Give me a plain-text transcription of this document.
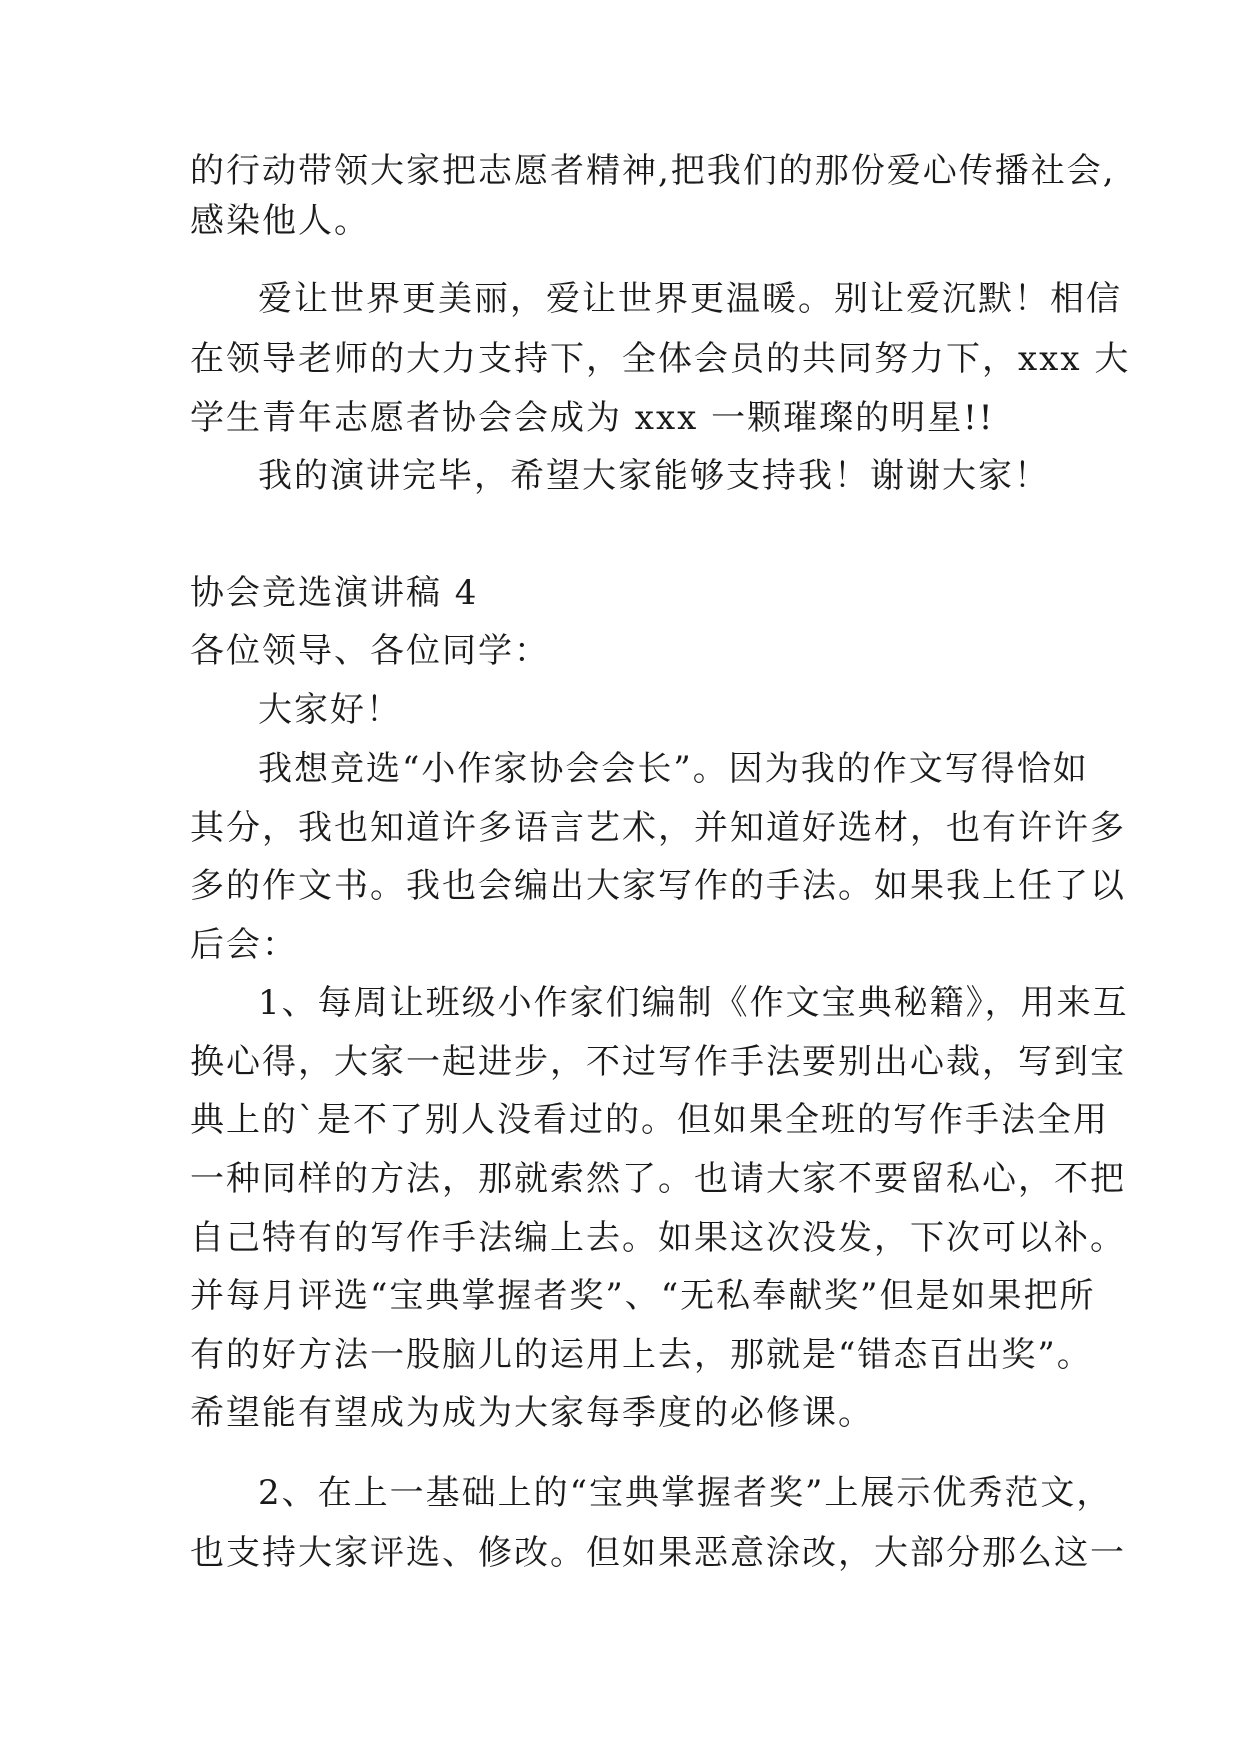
的行动带领大家把志愿者精神,把我们的那份爱心传播社会,
感染他人。
爱让世界更美丽，爱让世界更温暖。别让爱沉默！相信
在领导老师的大力支持下，全体会员的共同努力下，xxx 大
学生青年志愿者协会会成为 xxx 一颗璀璨的明星!!
我的演讲完毕，希望大家能够支持我！谢谢大家！
协会竞选演讲稿 4
各位领导、各位同学：
大家好！
我想竞选“小作家协会会长”。因为我的作文写得恰如
其分，我也知道许多语言艺术，并知道好选材，也有许许多
多的作文书。我也会编出大家写作的手法。如果我上任了以
后会：
1、每周让班级小作家们编制《作文宝典秘籍》，用来互
换心得，大家一起进步，不过写作手法要别出心裁，写到宝
典上的`是不了别人没看过的。但如果全班的写作手法全用
一种同样的方法，那就索然了。也请大家不要留私心，不把
自己特有的写作手法编上去。如果这次没发，下次可以补。
并每月评选“宝典掌握者奖”、“无私奉献奖”但是如果把所
有的好方法一股脑儿的运用上去，那就是“错态百出奖”。
希望能有望成为成为大家每季度的必修课。
2、在上一基础上的“宝典掌握者奖”上展示优秀范文，
也支持大家评选、修改。但如果恶意涂改，大部分那么这一
